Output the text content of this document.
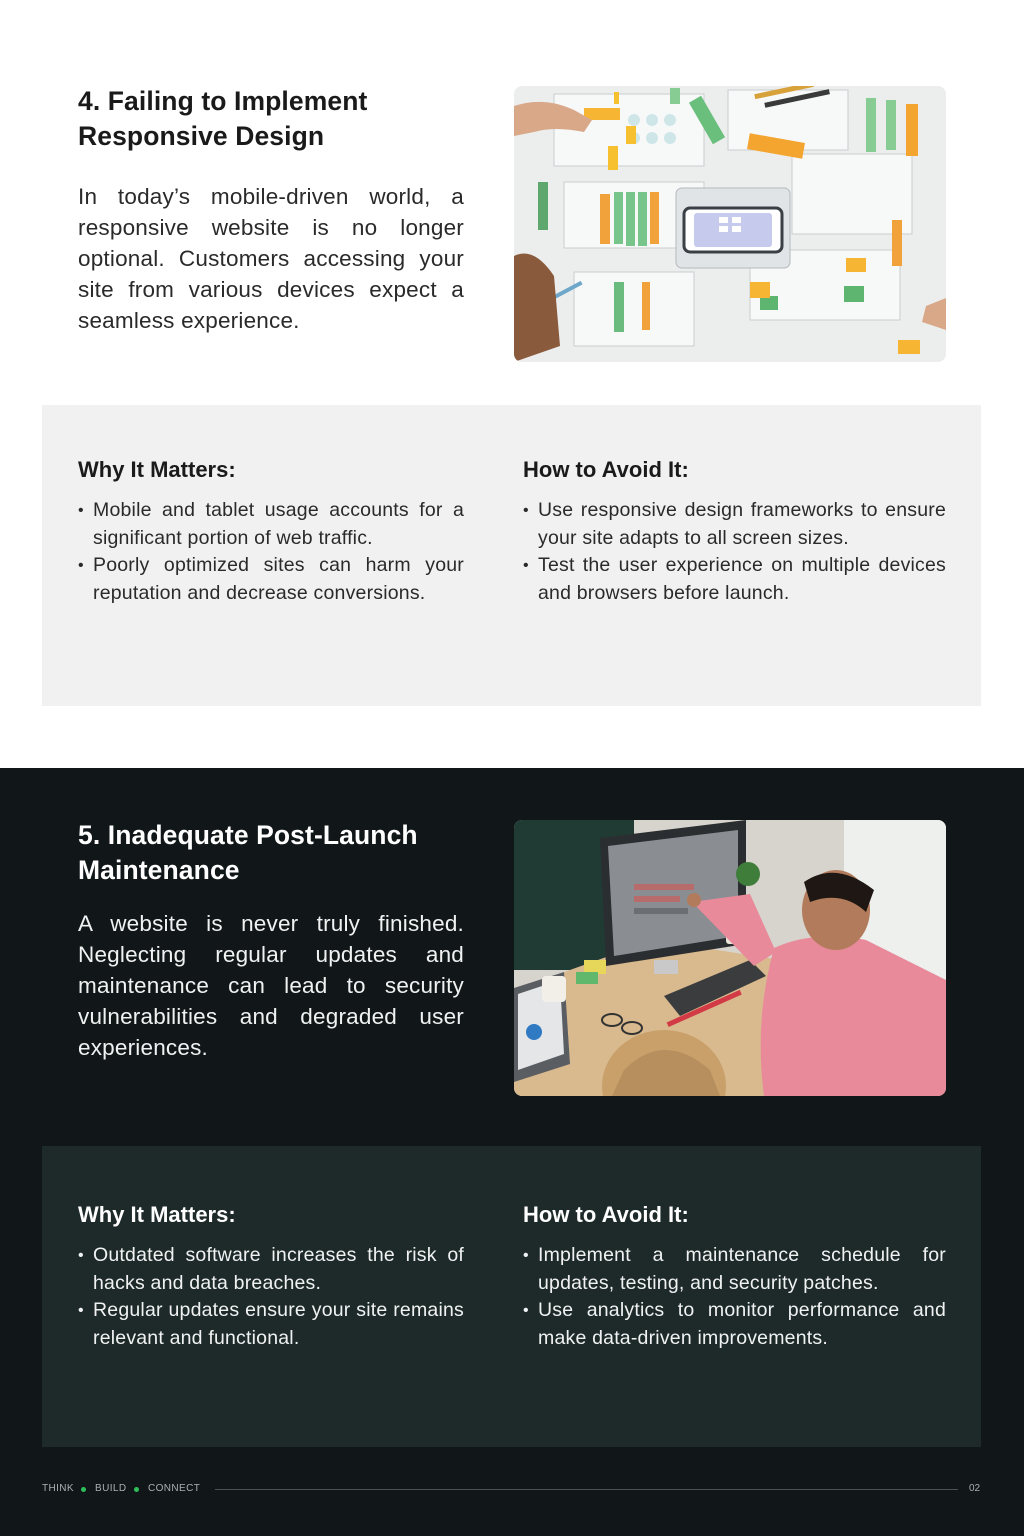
4. Failing to Implement Responsive Design

In today’s mobile-driven world, a responsive website is no longer optional. Customers accessing your site from various devices expect a seamless experience.

Why It Matters:
• Mobile and tablet usage accounts for a significant portion of web traffic.
• Poorly optimized sites can harm your reputation and decrease conversions.
How to Avoid It:
• Use responsive design frameworks to ensure your site adapts to all screen sizes.
• Test the user experience on multiple devices and browsers before launch.
5. Inadequate Post-Launch Maintenance

A website is never truly finished. Neglecting regular updates and maintenance can lead to security vulnerabilities and degraded user experiences.

Why It Matters:
• Outdated software increases the risk of hacks and data breaches.
• Regular updates ensure your site remains relevant and functional.
How to Avoid It:
• Implement a maintenance schedule for updates, testing, and security patches.
• Use analytics to monitor performance and make data-driven improvements.
THINK BUILD CONNECT	02
